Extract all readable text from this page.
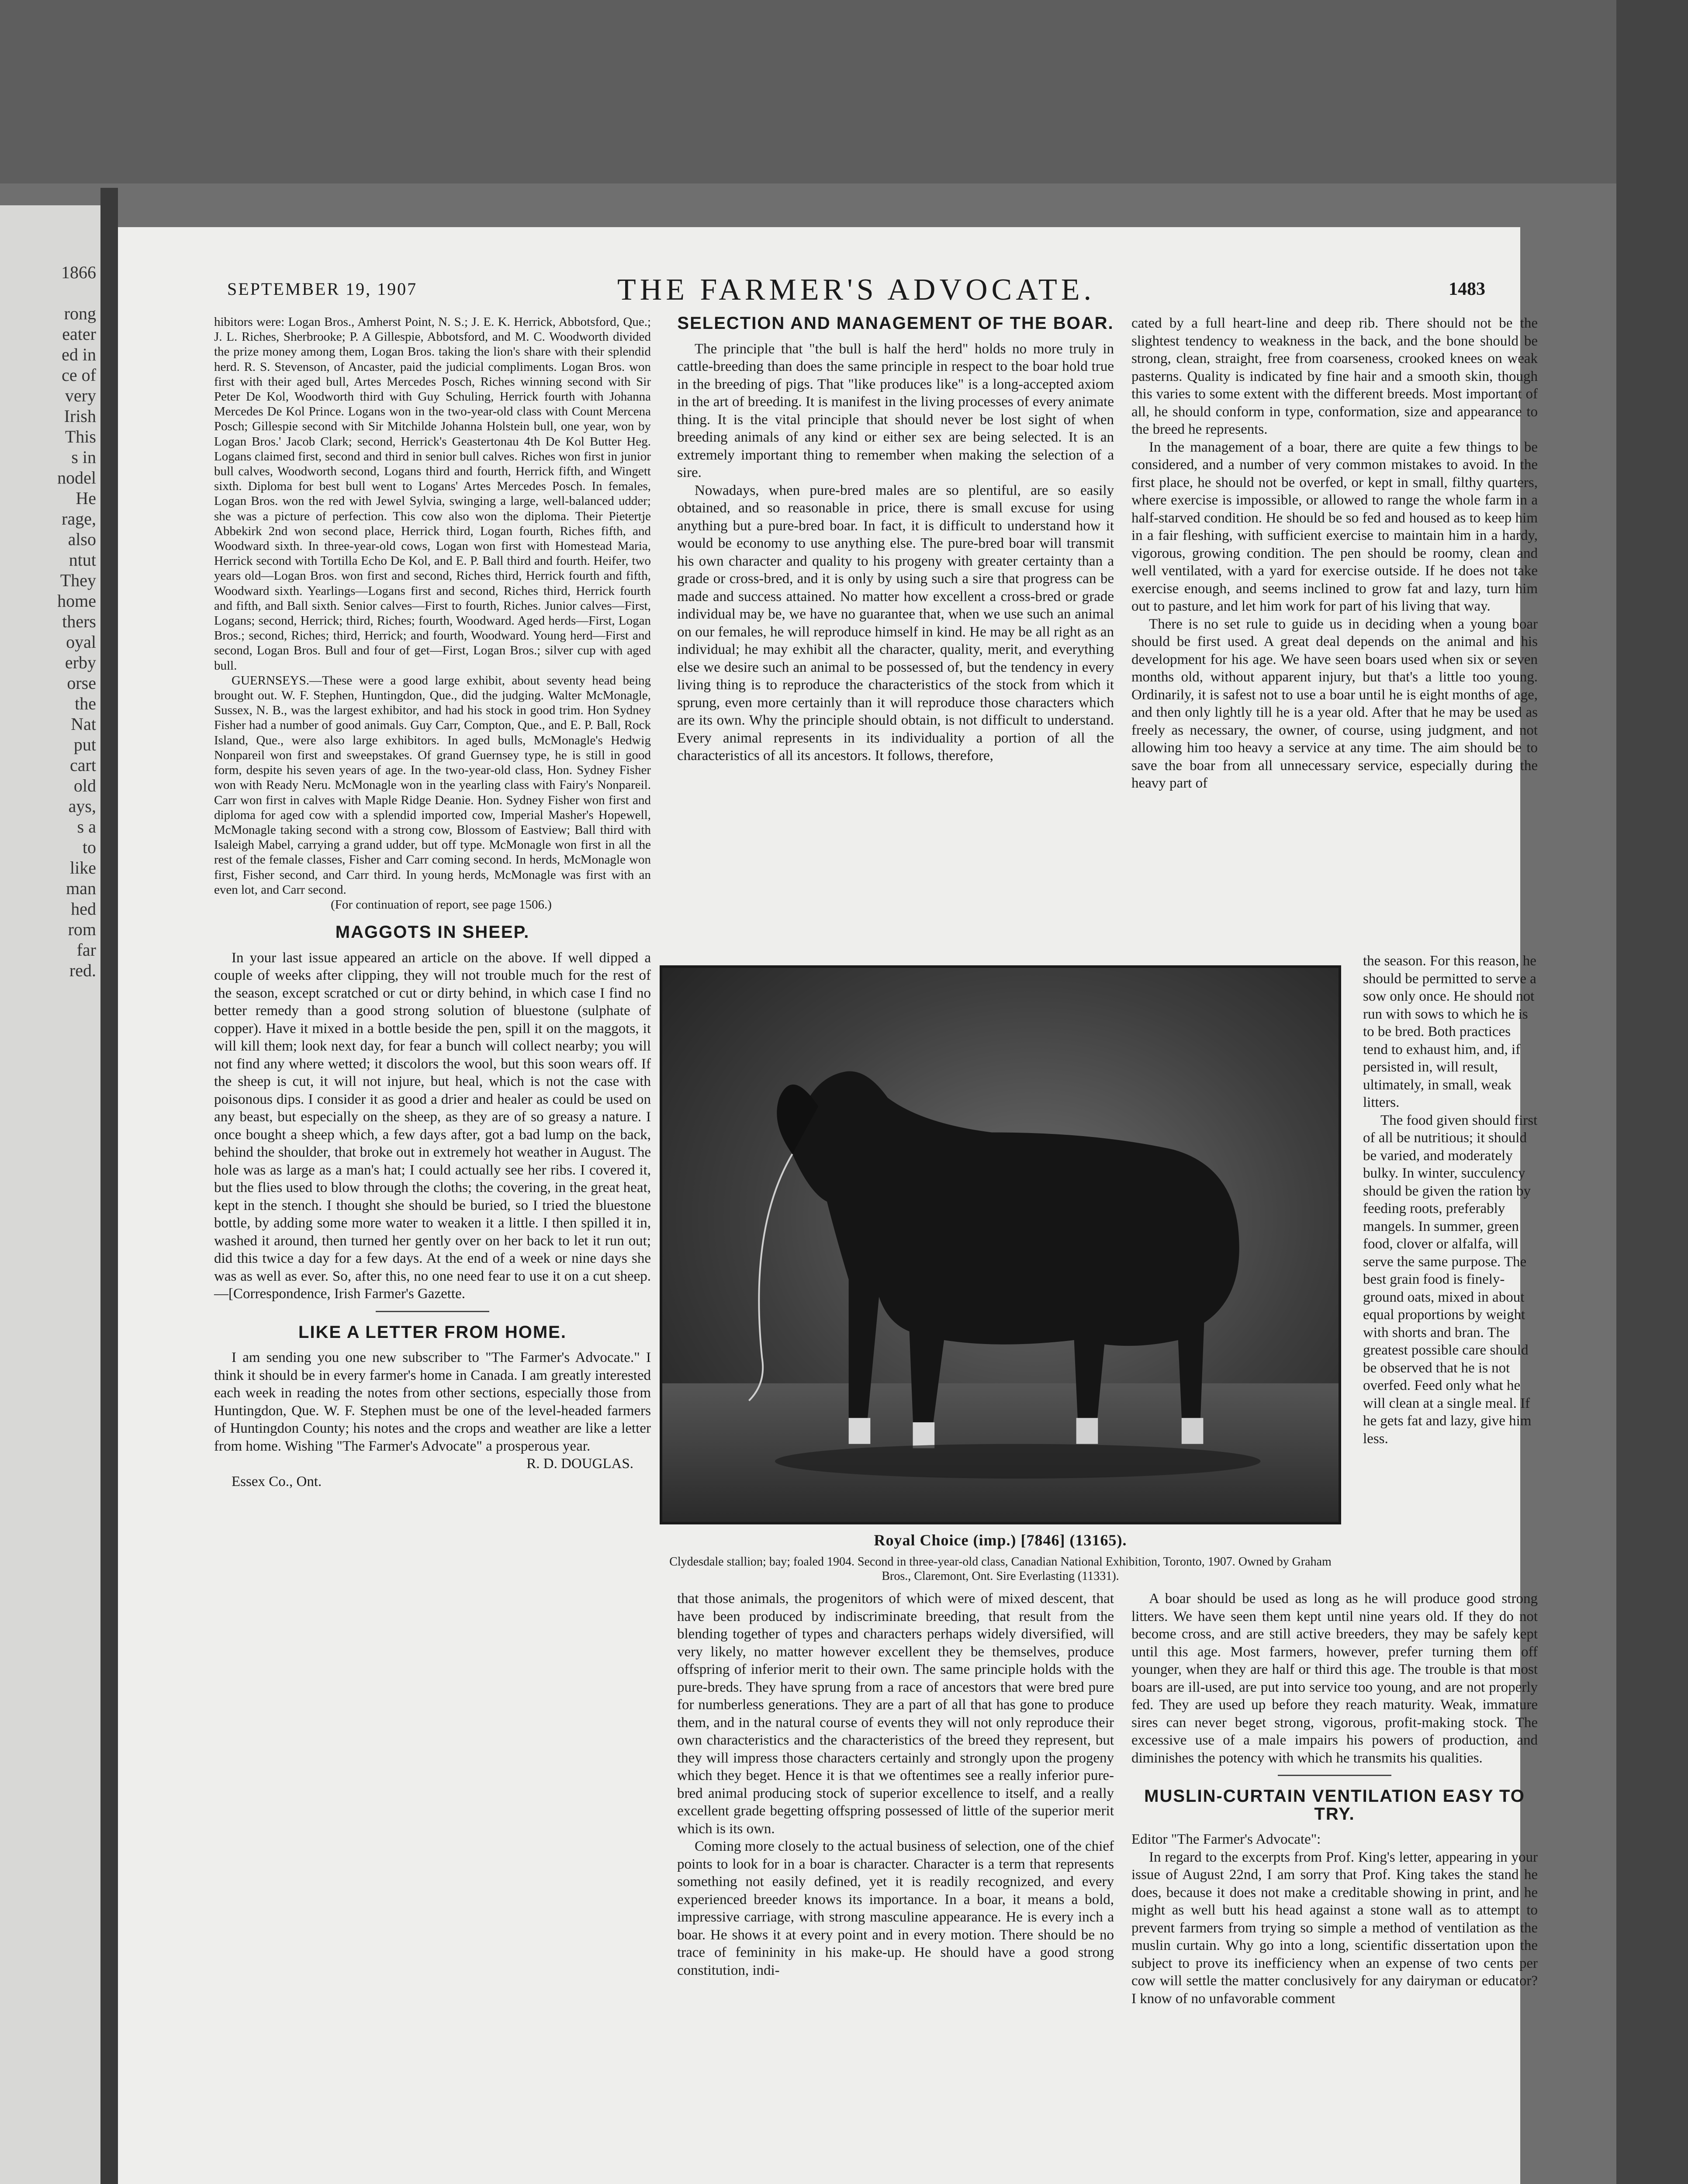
1866

rong
eater
ed in
ce of
very
Irish
This
s in
nodel
He
rage,
also
ntut
They
home
thers
oyal
erby
orse
the
Nat
put
cart
old
ays,
s a
to
like
man
hed
rom
far
red.
SEPTEMBER 19, 1907	THE FARMER'S ADVOCATE.	1483

hibitors were: Logan Bros., Amherst Point, N. S.; J. E. K. Herrick, Abbotsford, Que.; J. L. Riches, Sherbrooke; P. A Gillespie, Abbotsford, and M. C. Woodworth divided the prize money among them, Logan Bros. taking the lion's share with their splendid herd. R. S. Stevenson, of Ancaster, paid the judicial compliments. Logan Bros. won first with their aged bull, Artes Mercedes Posch, Riches winning second with Sir Peter De Kol, Woodworth third with Guy Schuling, Herrick fourth with Johanna Mercedes De Kol Prince. Logans won in the two-year-old class with Count Mercena Posch; Gillespie second with Sir Mitchilde Johanna Holstein bull, one year, won by Logan Bros.' Jacob Clark; second, Herrick's Geastertonau 4th De Kol Butter Heg. Logans claimed first, second and third in senior bull calves. Riches won first in junior bull calves, Woodworth second, Logans third and fourth, Herrick fifth, and Wingett sixth. Diploma for best bull went to Logans' Artes Mercedes Posch. In females, Logan Bros. won the red with Jewel Sylvia, swinging a large, well-balanced udder; she was a picture of perfection. This cow also won the diploma. Their Pietertje Abbekirk 2nd won second place, Herrick third, Logan fourth, Riches fifth, and Woodward sixth. In three-year-old cows, Logan won first with Homestead Maria, Herrick second with Tortilla Echo De Kol, and E. P. Ball third and fourth. Heifer, two years old—Logan Bros. won first and second, Riches third, Herrick fourth and fifth, Woodward sixth. Yearlings—Logans first and second, Riches third, Herrick fourth and fifth, and Ball sixth. Senior calves—First to fourth, Riches. Junior calves—First, Logans; second, Herrick; third, Riches; fourth, Woodward. Aged herds—First, Logan Bros.; second, Riches; third, Herrick; and fourth, Woodward. Young herd—First and second, Logan Bros. Bull and four of get—First, Logan Bros.; silver cup with aged bull.

GUERNSEYS.—These were a good large exhibit, about seventy head being brought out. W. F. Stephen, Huntingdon, Que., did the judging. Walter McMonagle, Sussex, N. B., was the largest exhibitor, and had his stock in good trim. Hon Sydney Fisher had a number of good animals. Guy Carr, Compton, Que., and E. P. Ball, Rock Island, Que., were also large exhibitors. In aged bulls, McMonagle's Hedwig Nonpareil won first and sweepstakes. Of grand Guernsey type, he is still in good form, despite his seven years of age. In the two-year-old class, Hon. Sydney Fisher won with Ready Neru. McMonagle won in the yearling class with Fairy's Nonpareil. Carr won first in calves with Maple Ridge Deanie. Hon. Sydney Fisher won first and diploma for aged cow with a splendid imported cow, Imperial Masher's Hopewell, McMonagle taking second with a strong cow, Blossom of Eastview; Ball third with Isaleigh Mabel, carrying a grand udder, but off type. McMonagle won first in all the rest of the female classes, Fisher and Carr coming second. In herds, McMonagle won first, Fisher second, and Carr third. In young herds, McMonagle was first with an even lot, and Carr second.

(For continuation of report, see page 1506.)

MAGGOTS IN SHEEP.

In your last issue appeared an article on the above. If well dipped a couple of weeks after clipping, they will not trouble much for the rest of the season, except scratched or cut or dirty behind, in which case I find no better remedy than a good strong solution of bluestone (sulphate of copper). Have it mixed in a bottle beside the pen, spill it on the maggots, it will kill them; look next day, for fear a bunch will collect nearby; you will not find any where wetted; it discolors the wool, but this soon wears off. If the sheep is cut, it will not injure, but heal, which is not the case with poisonous dips. I consider it as good a drier and healer as could be used on any beast, but especially on the sheep, as they are of so greasy a nature. I once bought a sheep which, a few days after, got a bad lump on the back, behind the shoulder, that broke out in extremely hot weather in August. The hole was as large as a man's hat; I could actually see her ribs. I covered it, but the flies used to blow through the cloths; the covering, in the great heat, kept in the stench. I thought she should be buried, so I tried the bluestone bottle, by adding some more water to weaken it a little. I then spilled it in, washed it around, then turned her gently over on her back to let it run out; did this twice a day for a few days. At the end of a week or nine days she was as well as ever. So, after this, no one need fear to use it on a cut sheep.—[Correspondence, Irish Farmer's Gazette.

LIKE A LETTER FROM HOME.

I am sending you one new subscriber to "The Farmer's Advocate." I think it should be in every farmer's home in Canada. I am greatly interested each week in reading the notes from other sections, especially those from Huntingdon, Que. W. F. Stephen must be one of the level-headed farmers of Huntingdon County; his notes and the crops and weather are like a letter from home. Wishing "The Farmer's Advocate" a prosperous year.

R. D. DOUGLAS.

Essex Co., Ont.

SELECTION AND MANAGEMENT OF THE BOAR.

The principle that "the bull is half the herd" holds no more truly in cattle-breeding than does the same principle in respect to the boar hold true in the breeding of pigs. That "like produces like" is a long-accepted axiom in the art of breeding. It is manifest in the living processes of every animate thing. It is the vital principle that should never be lost sight of when breeding animals of any kind or either sex are being selected. It is an extremely important thing to remember when making the selection of a sire.

Nowadays, when pure-bred males are so plentiful, are so easily obtained, and so reasonable in price, there is small excuse for using anything but a pure-bred boar. In fact, it is difficult to understand how it would be economy to use anything else. The pure-bred boar will transmit his own character and quality to his progeny with greater certainty than a grade or cross-bred, and it is only by using such a sire that progress can be made and success attained. No matter how excellent a cross-bred or grade individual may be, we have no guarantee that, when we use such an animal on our females, he will reproduce himself in kind. He may be all right as an individual; he may exhibit all the character, quality, merit, and everything else we desire such an animal to be possessed of, but the tendency in every living thing is to reproduce the characteristics of the stock from which it sprung, even more certainly than it will reproduce those characters which are its own. Why the principle should obtain, is not difficult to understand. Every animal represents in its individuality a portion of all the characteristics of all its ancestors. It follows, therefore,

that those animals, the progenitors of which were of mixed descent, that have been produced by indiscriminate breeding, that result from the blending together of types and characters perhaps widely diversified, will very likely, no matter however excellent they be themselves, produce offspring of inferior merit to their own. The same principle holds with the pure-breds. They have sprung from a race of ancestors that were bred pure for numberless generations. They are a part of all that has gone to produce them, and in the natural course of events they will not only reproduce their own characteristics and the characteristics of the breed they represent, but they will impress those characters certainly and strongly upon the progeny which they beget. Hence it is that we oftentimes see a really inferior pure-bred animal producing stock of superior excellence to itself, and a really excellent grade begetting offspring possessed of little of the superior merit which is its own.

Coming more closely to the actual business of selection, one of the chief points to look for in a boar is character. Character is a term that represents something not easily defined, yet it is readily recognized, and every experienced breeder knows its importance. In a boar, it means a bold, impressive carriage, with strong masculine appearance. He is every inch a boar. He shows it at every point and in every motion. There should be no trace of femininity in his make-up. He should have a good strong constitution, indi-

cated by a full heart-line and deep rib. There should not be the slightest tendency to weakness in the back, and the bone should be strong, clean, straight, free from coarseness, crooked knees on weak pasterns. Quality is indicated by fine hair and a smooth skin, though this varies to some extent with the different breeds. Most important of all, he should conform in type, conformation, size and appearance to the breed he represents.

In the management of a boar, there are quite a few things to be considered, and a number of very common mistakes to avoid. In the first place, he should not be overfed, or kept in small, filthy quarters, where exercise is impossible, or allowed to range the whole farm in a half-starved condition. He should be so fed and housed as to keep him in a fair fleshing, with sufficient exercise to maintain him in a hardy, vigorous, growing condition. The pen should be roomy, clean and well ventilated, with a yard for exercise outside. If he does not take exercise enough, and seems inclined to grow fat and lazy, turn him out to pasture, and let him work for part of his living that way.

There is no set rule to guide us in deciding when a young boar should be first used. A great deal depends on the animal and his development for his age. We have seen boars used when six or seven months old, without apparent injury, but that's a little too young. Ordinarily, it is safest not to use a boar until he is eight months of age, and then only lightly till he is a year old. After that he may be used as freely as necessary, the owner, of course, using judgment, and not allowing him too heavy a service at any time. The aim should be to save the boar from all unnecessary service, especially during the heavy part of

the season. For this reason, he should be permitted to serve a sow only once. He should not run with sows to which he is to be bred. Both practices tend to exhaust him, and, if persisted in, will result, ultimately, in small, weak litters.

The food given should first of all be nutritious; it should be varied, and moderately bulky. In winter, succulency should be given the ration by feeding roots, preferably mangels. In summer, green food, clover or alfalfa, will serve the same purpose. The best grain food is finely-ground oats, mixed in about equal proportions by weight with shorts and bran. The greatest possible care should be observed that he is not overfed. Feed only what he will clean at a single meal. If he gets fat and lazy, give him less.

A boar should be used as long as he will produce good strong litters. We have seen them kept until nine years old. If they do not become cross, and are still active breeders, they may be safely kept until this age. Most farmers, however, prefer turning them off younger, when they are half or third this age. The trouble is that most boars are ill-used, are put into service too young, and are not properly fed. They are used up before they reach maturity. Weak, immature sires can never beget strong, vigorous, profit-making stock. The excessive use of a male impairs his powers of production, and diminishes the potency with which he transmits his qualities.

MUSLIN-CURTAIN VENTILATION EASY TO TRY.

Editor "The Farmer's Advocate":

In regard to the excerpts from Prof. King's letter, appearing in your issue of August 22nd, I am sorry that Prof. King takes the stand he does, because it does not make a creditable showing in print, and he might as well butt his head against a stone wall as to attempt to prevent farmers from trying so simple a method of ventilation as the muslin curtain. Why go into a long, scientific dissertation upon the subject to prove its inefficiency when an expense of two cents per cow will settle the matter conclusively for any dairyman or educator? I know of no unfavorable comment

Royal Choice (imp.) [7846] (13165).
Clydesdale stallion; bay; foaled 1904. Second in three-year-old class, Canadian National Exhibition, Toronto, 1907. Owned by Graham Bros., Claremont, Ont. Sire Everlasting (11331).
